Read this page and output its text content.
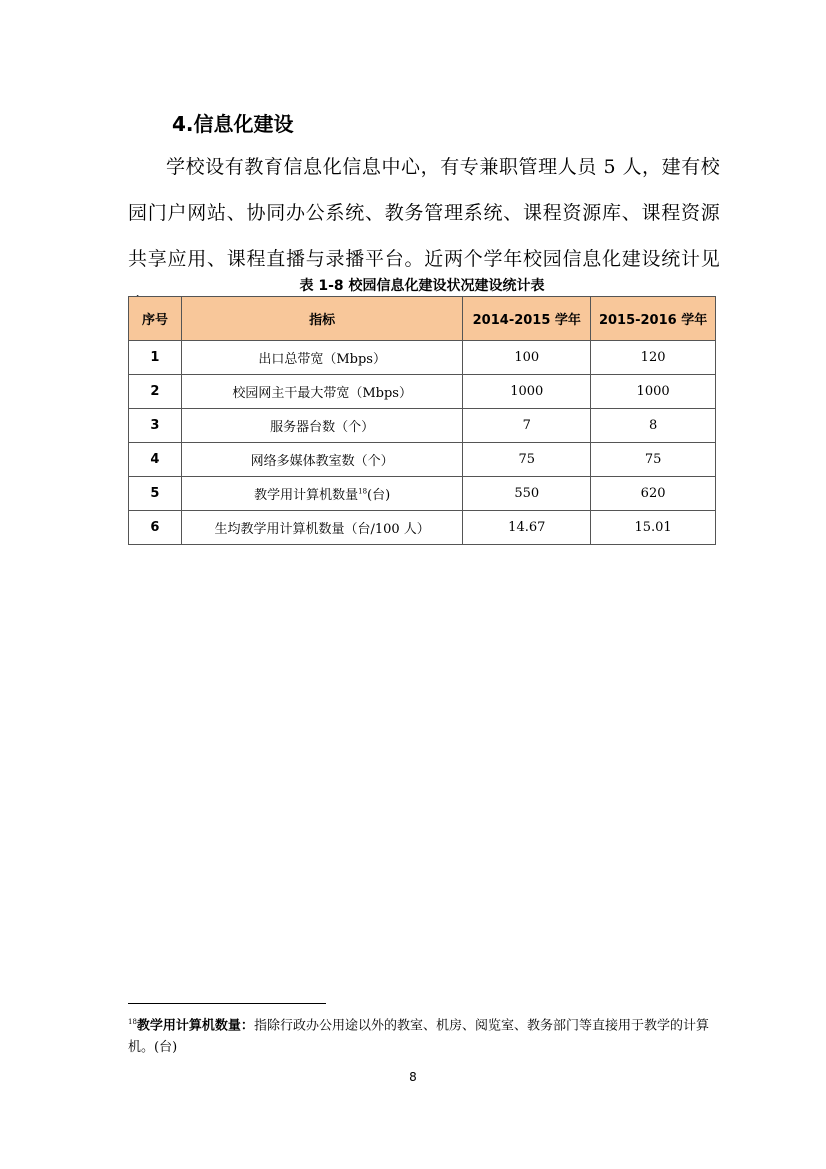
4.信息化建设
学校设有教育信息化信息中心，有专兼职管理人员 5 人，建有校园门户网站、协同办公系统、教务管理系统、课程资源库、课程资源共享应用、课程直播与录播平台。近两个学年校园信息化建设统计见
表 1-8 校园信息化建设状况建设统计表
序号	指标	2014-2015 学年	2015-2016 学年
1	出口总带宽（Mbps）	100	120
2	校园网主干最大带宽（Mbps）	1000	1000
3	服务器台数（个）	7	8
4	网络多媒体教室数（个）	75	75
5	教学用计算机数量$^{18}$(台)	550	620
6	生均教学用计算机数量（台/100 人）	14.67	15.01
$^{18}$教学用计算机数量：指除行政办公用途以外的教室、机房、阅览室、教务部门等直接用于教学的计算机。(台)
8
